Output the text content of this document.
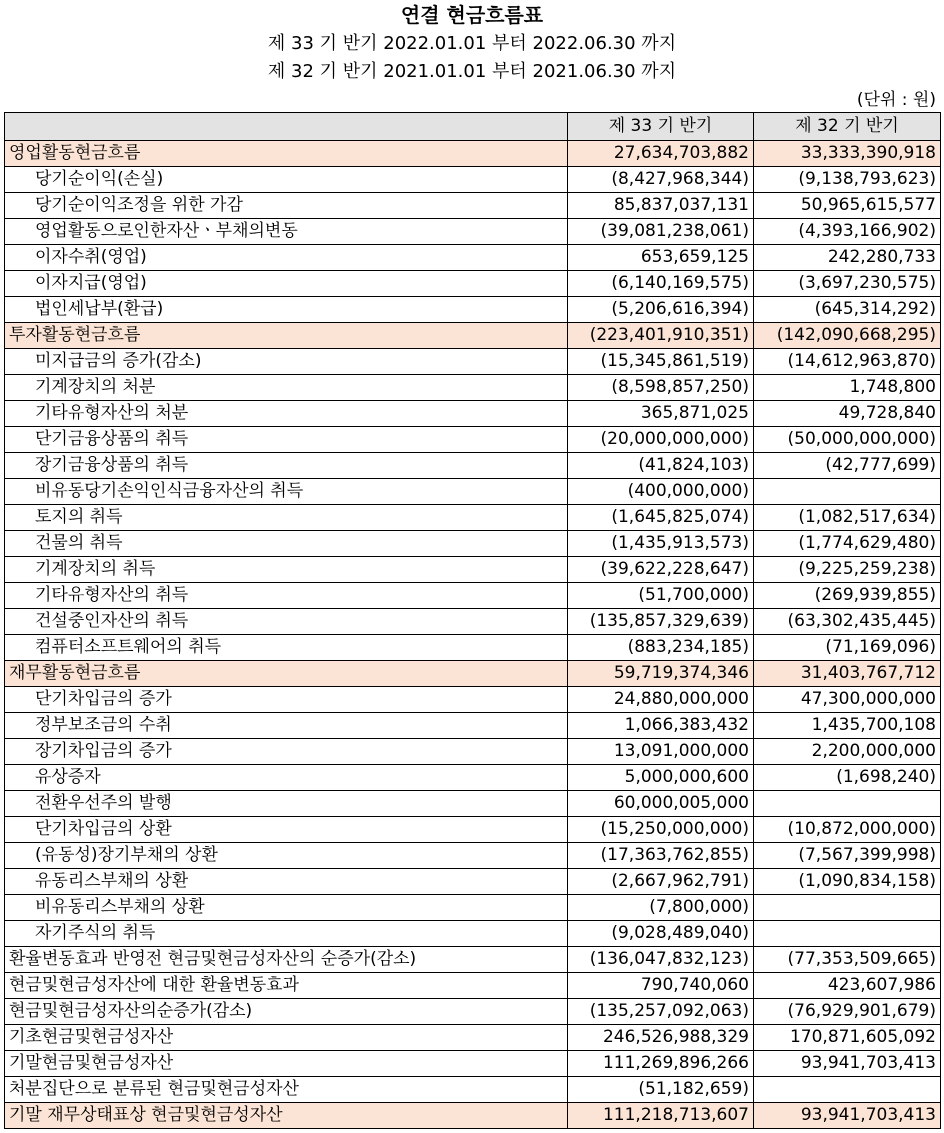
연결 현금흐름표
제 33 기 반기 2022.01.01 부터 2022.06.30 까지
제 32 기 반기 2021.01.01 부터 2021.06.30 까지
(단위 : 원)
	제 33 기 반기	제 32 기 반기
영업활동현금흐름	27,634,703,882	33,333,390,918
당기순이익(손실)	(8,427,968,344)	(9,138,793,623)
당기순이익조정을 위한 가감	85,837,037,131	50,965,615,577
영업활동으로인한자산ㆍ부채의변동	(39,081,238,061)	(4,393,166,902)
이자수취(영업)	653,659,125	242,280,733
이자지급(영업)	(6,140,169,575)	(3,697,230,575)
법인세납부(환급)	(5,206,616,394)	(645,314,292)
투자활동현금흐름	(223,401,910,351)	(142,090,668,295)
미지급금의 증가(감소)	(15,345,861,519)	(14,612,963,870)
기계장치의 처분	(8,598,857,250)	1,748,800
기타유형자산의 처분	365,871,025	49,728,840
단기금융상품의 취득	(20,000,000,000)	(50,000,000,000)
장기금융상품의 취득	(41,824,103)	(42,777,699)
비유동당기손익인식금융자산의 취득	(400,000,000)	
토지의 취득	(1,645,825,074)	(1,082,517,634)
건물의 취득	(1,435,913,573)	(1,774,629,480)
기계장치의 취득	(39,622,228,647)	(9,225,259,238)
기타유형자산의 취득	(51,700,000)	(269,939,855)
건설중인자산의 취득	(135,857,329,639)	(63,302,435,445)
컴퓨터소프트웨어의 취득	(883,234,185)	(71,169,096)
재무활동현금흐름	59,719,374,346	31,403,767,712
단기차입금의 증가	24,880,000,000	47,300,000,000
정부보조금의 수취	1,066,383,432	1,435,700,108
장기차입금의 증가	13,091,000,000	2,200,000,000
유상증자	5,000,000,600	(1,698,240)
전환우선주의 발행	60,000,005,000	
단기차입금의 상환	(15,250,000,000)	(10,872,000,000)
(유동성)장기부채의 상환	(17,363,762,855)	(7,567,399,998)
유동리스부채의 상환	(2,667,962,791)	(1,090,834,158)
비유동리스부채의 상환	(7,800,000)	
자기주식의 취득	(9,028,489,040)	
환율변동효과 반영전 현금및현금성자산의 순증가(감소)	(136,047,832,123)	(77,353,509,665)
현금및현금성자산에 대한 환율변동효과	790,740,060	423,607,986
현금및현금성자산의순증가(감소)	(135,257,092,063)	(76,929,901,679)
기초현금및현금성자산	246,526,988,329	170,871,605,092
기말현금및현금성자산	111,269,896,266	93,941,703,413
처분집단으로 분류된 현금및현금성자산	(51,182,659)	
기말 재무상태표상 현금및현금성자산	111,218,713,607	93,941,703,413
